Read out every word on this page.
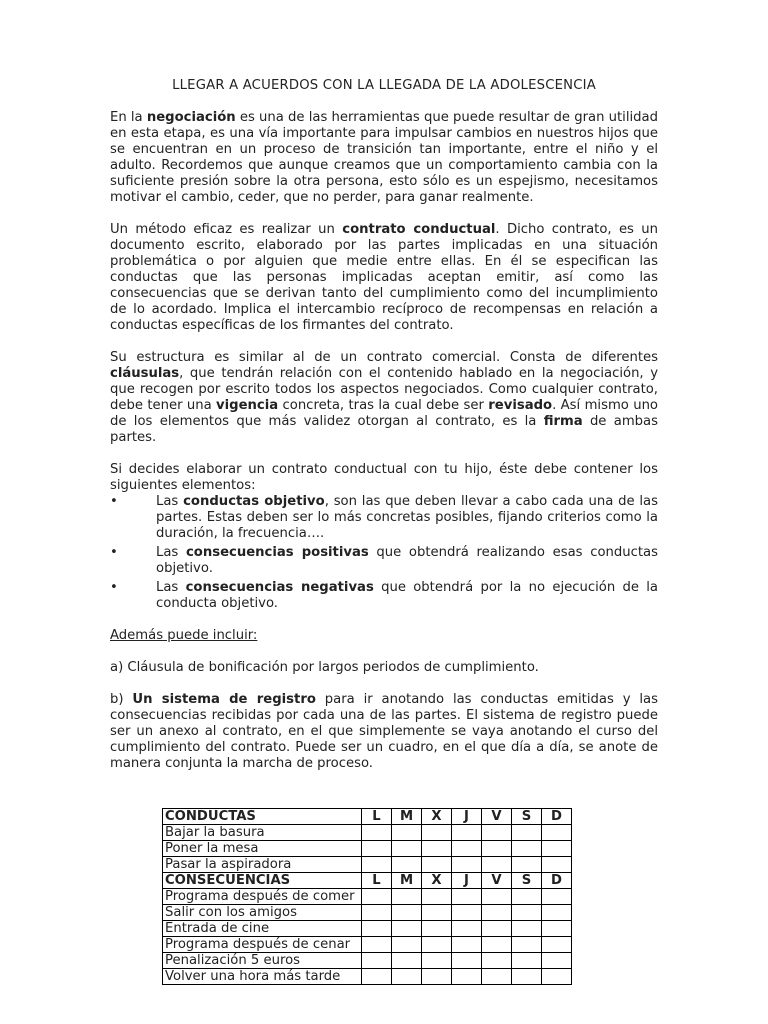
LLEGAR A ACUERDOS CON LA LLEGADA DE LA ADOLESCENCIA

En la negociación es una de las herramientas que puede resultar de gran utilidad en esta etapa, es una vía importante para impulsar cambios en nuestros hijos que se encuentran en un proceso de transición tan importante, entre el niño y el adulto. Recordemos que aunque creamos que un comportamiento cambia con la suficiente presión sobre la otra persona, esto sólo es un espejismo, necesitamos motivar el cambio, ceder, que no perder, para ganar realmente.

Un método eficaz es realizar un contrato conductual. Dicho contrato, es un documento escrito, elaborado por las partes implicadas en una situación problemática o por alguien que medie entre ellas. En él se especifican las conductas que las personas implicadas aceptan emitir, así como las consecuencias que se derivan tanto del cumplimiento como del incumplimiento de lo acordado. Implica el intercambio recíproco de recompensas en relación a conductas específicas de los firmantes del contrato.

Su estructura es similar al de un contrato comercial. Consta de diferentes cláusulas, que tendrán relación con el contenido hablado en la negociación, y que recogen por escrito todos los aspectos negociados. Como cualquier contrato, debe tener una vigencia concreta, tras la cual debe ser revisado. Así mismo uno de los elementos que más validez otorgan al contrato, es la firma de ambas partes.

Si decides elaborar un contrato conductual con tu hijo, éste debe contener los siguientes elementos:

•	Las conductas objetivo, son las que deben llevar a cabo cada una de las partes. Estas deben ser lo más concretas posibles, fijando criterios como la duración, la frecuencia….
•	Las consecuencias positivas que obtendrá realizando esas conductas objetivo.
•	Las consecuencias negativas que obtendrá por la no ejecución de la conducta objetivo.

Además puede incluir:

a) Cláusula de bonificación por largos periodos de cumplimiento.

b) Un sistema de registro para ir anotando las conductas emitidas y las consecuencias recibidas por cada una de las partes. El sistema de registro puede ser un anexo al contrato, en el que simplemente se vaya anotando el curso del cumplimiento del contrato. Puede ser un cuadro, en el que día a día, se anote de manera conjunta la marcha de proceso.

CONDUCTAS	L	M	X	J	V	S	D
Bajar la basura							
Poner la mesa							
Pasar la aspiradora							
CONSECUENCIAS	L	M	X	J	V	S	D
Programa después de comer							
Salir con los amigos							
Entrada de cine							
Programa después de cenar							
Penalización 5 euros							
Volver una hora más tarde							
